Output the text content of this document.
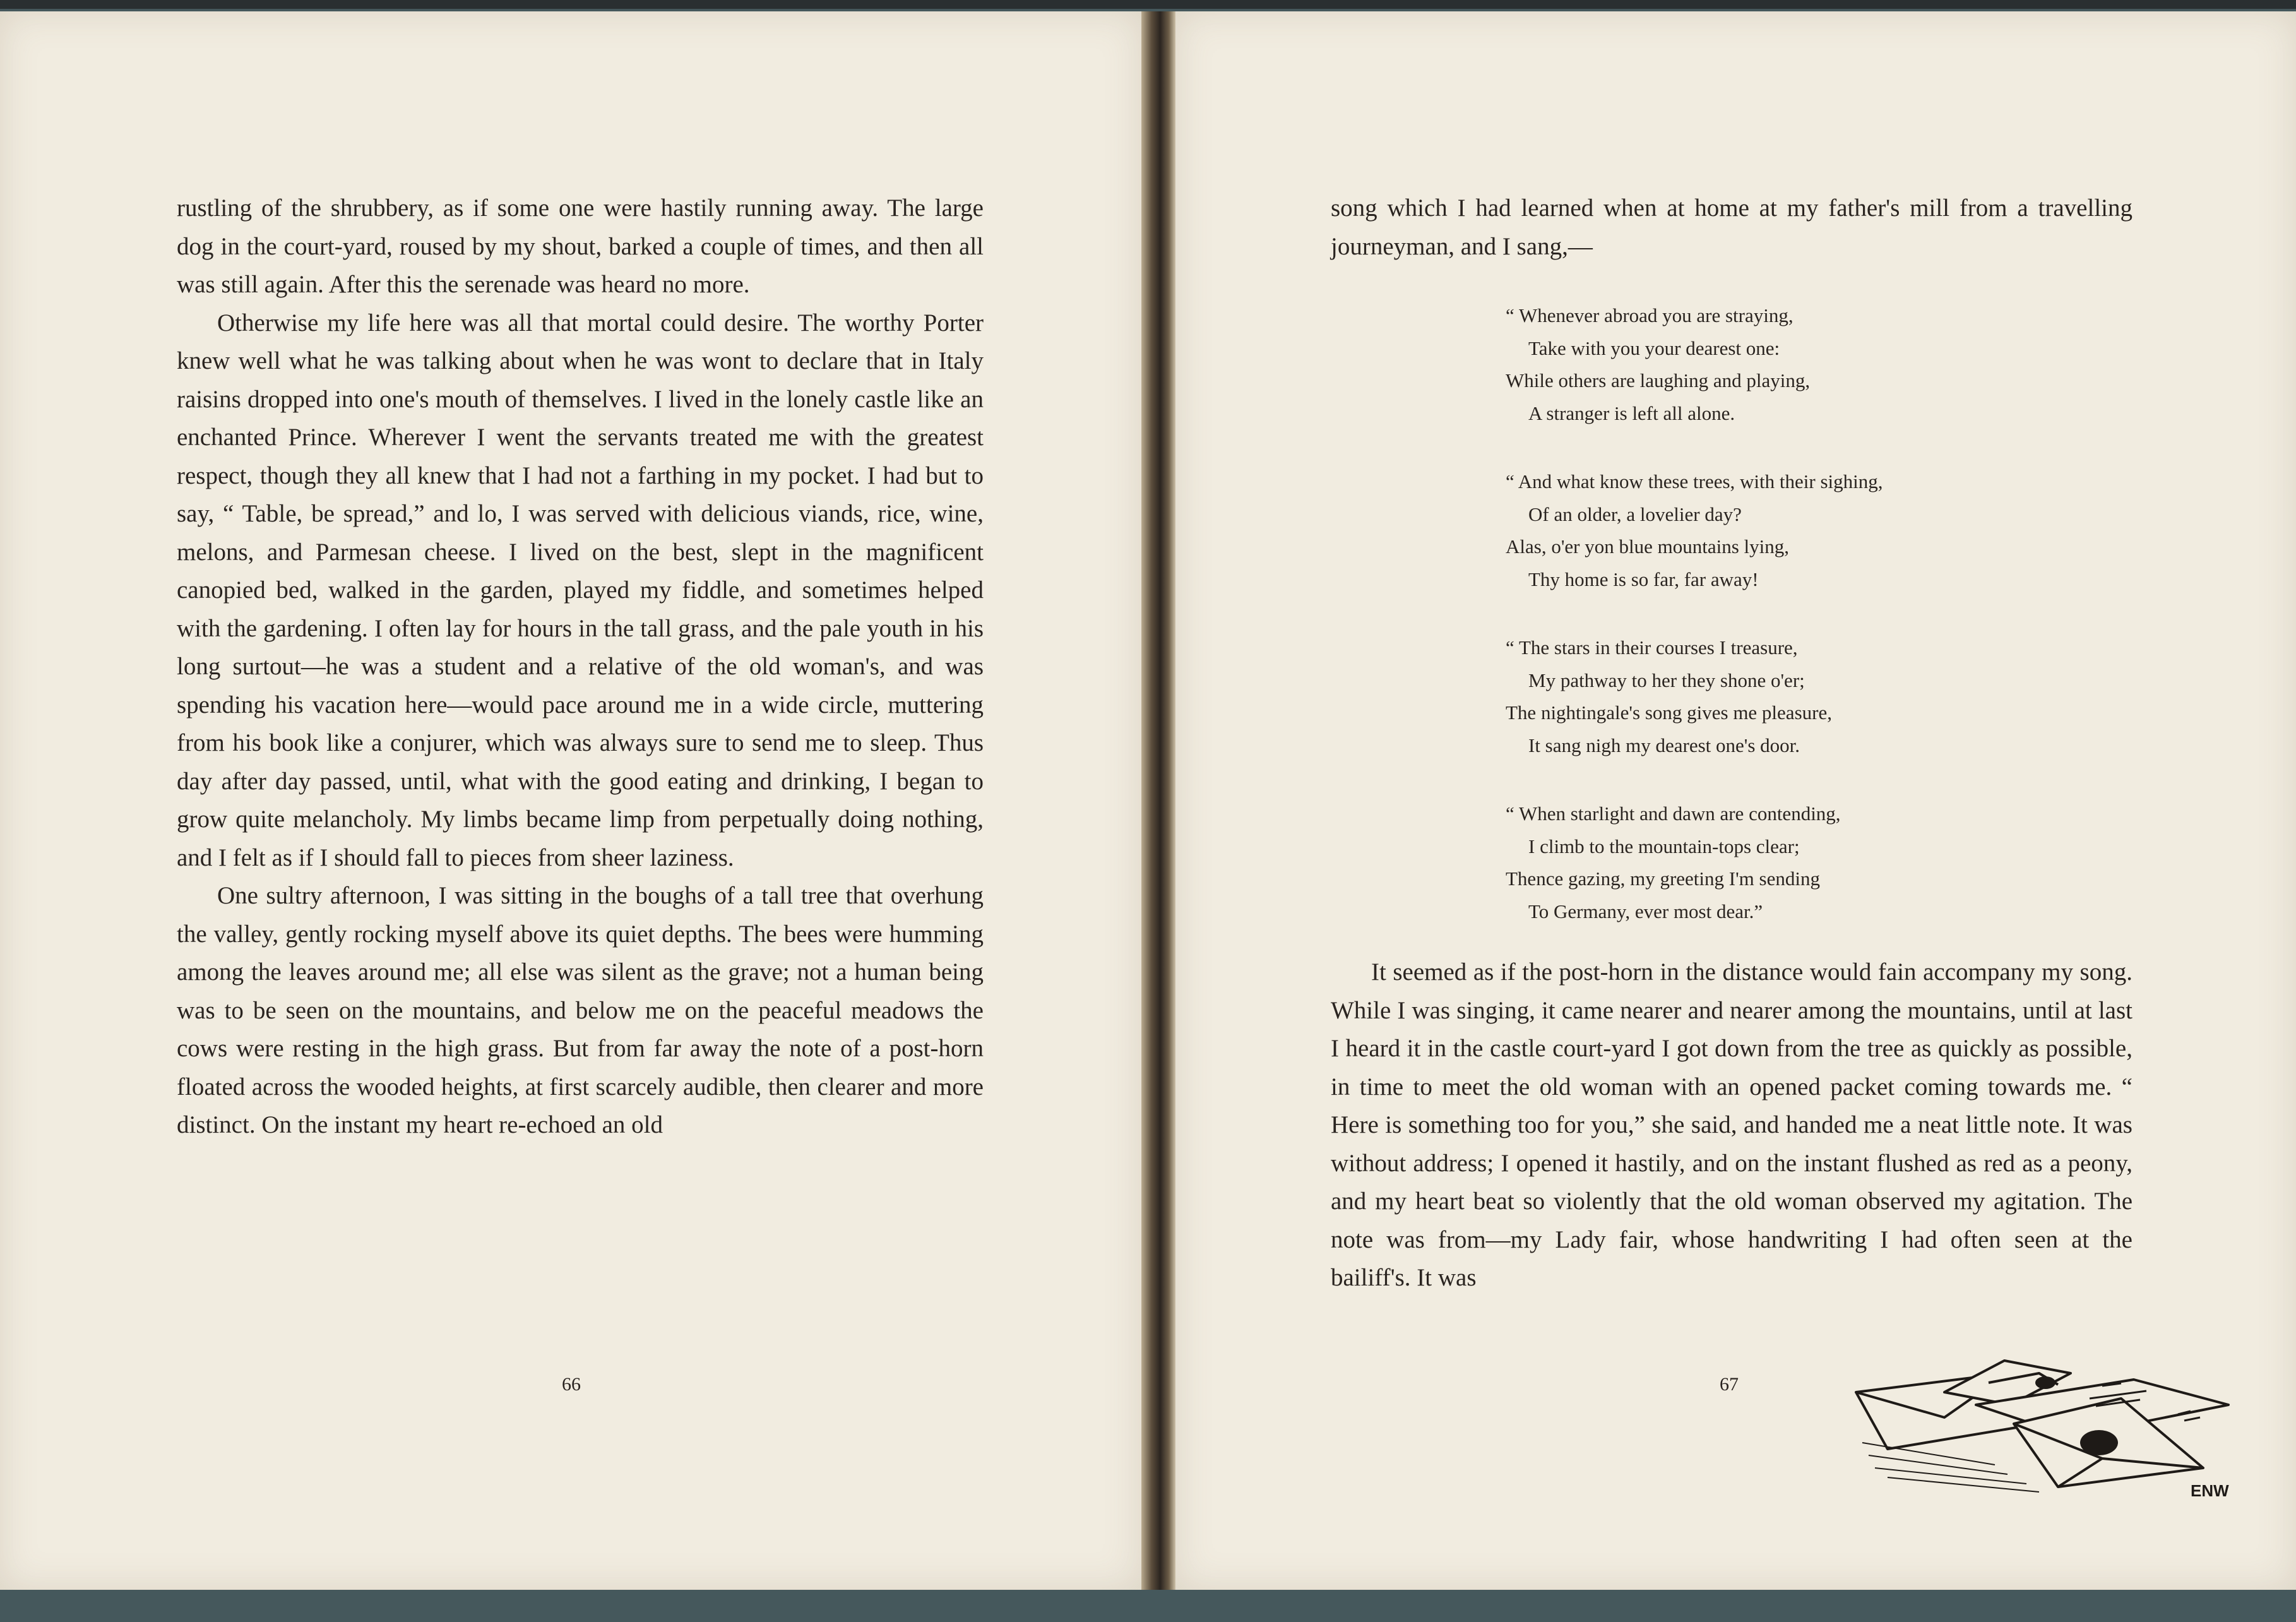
rustling of the shrubbery, as if some one were hastily running away. The large dog in the court-yard, roused by my shout, barked a couple of times, and then all was still again. After this the serenade was heard no more.

Otherwise my life here was all that mortal could desire. The worthy Porter knew well what he was talking about when he was wont to declare that in Italy raisins dropped into one's mouth of themselves. I lived in the lonely castle like an enchanted Prince. Wherever I went the servants treated me with the greatest respect, though they all knew that I had not a farthing in my pocket. I had but to say, “ Table, be spread,” and lo, I was served with delicious viands, rice, wine, melons, and Parmesan cheese. I lived on the best, slept in the magnificent canopied bed, walked in the garden, played my fiddle, and sometimes helped with the gardening. I often lay for hours in the tall grass, and the pale youth in his long surtout—he was a student and a relative of the old woman's, and was spending his vacation here—would pace around me in a wide circle, muttering from his book like a conjurer, which was always sure to send me to sleep. Thus day after day passed, until, what with the good eating and drinking, I began to grow quite melancholy. My limbs became limp from perpetually doing nothing, and I felt as if I should fall to pieces from sheer laziness.

One sultry afternoon, I was sitting in the boughs of a tall tree that overhung the valley, gently rocking myself above its quiet depths. The bees were humming among the leaves around me; all else was silent as the grave; not a human being was to be seen on the mountains, and below me on the peaceful meadows the cows were resting in the high grass. But from far away the note of a post-horn floated across the wooded heights, at first scarcely audible, then clearer and more distinct. On the instant my heart re-echoed an old

66

song which I had learned when at home at my father's mill from a travelling journeyman, and I sang,—

“ Whenever abroad you are straying,
Take with you your dearest one:
While others are laughing and playing,
A stranger is left all alone.
“ And what know these trees, with their sighing,
Of an older, a lovelier day?
Alas, o'er yon blue mountains lying,
Thy home is so far, far away!
“ The stars in their courses I treasure,
My pathway to her they shone o'er;
The nightingale's song gives me pleasure,
It sang nigh my dearest one's door.
“ When starlight and dawn are contending,
I climb to the mountain-tops clear;
Thence gazing, my greeting I'm sending
To Germany, ever most dear.”

It seemed as if the post-horn in the distance would fain accompany my song. While I was singing, it came nearer and nearer among the mountains, until at last I heard it in the castle court-yard I got down from the tree as quickly as possible, in time to meet the old woman with an opened packet coming towards me. “ Here is something too for you,” she said, and handed me a neat little note. It was without address; I opened it hastily, and on the instant flushed as red as a peony, and my heart beat so violently that the old woman observed my agitation. The note was from—my Lady fair, whose handwriting I had often seen at the bailiff's. It was

67
ENW
